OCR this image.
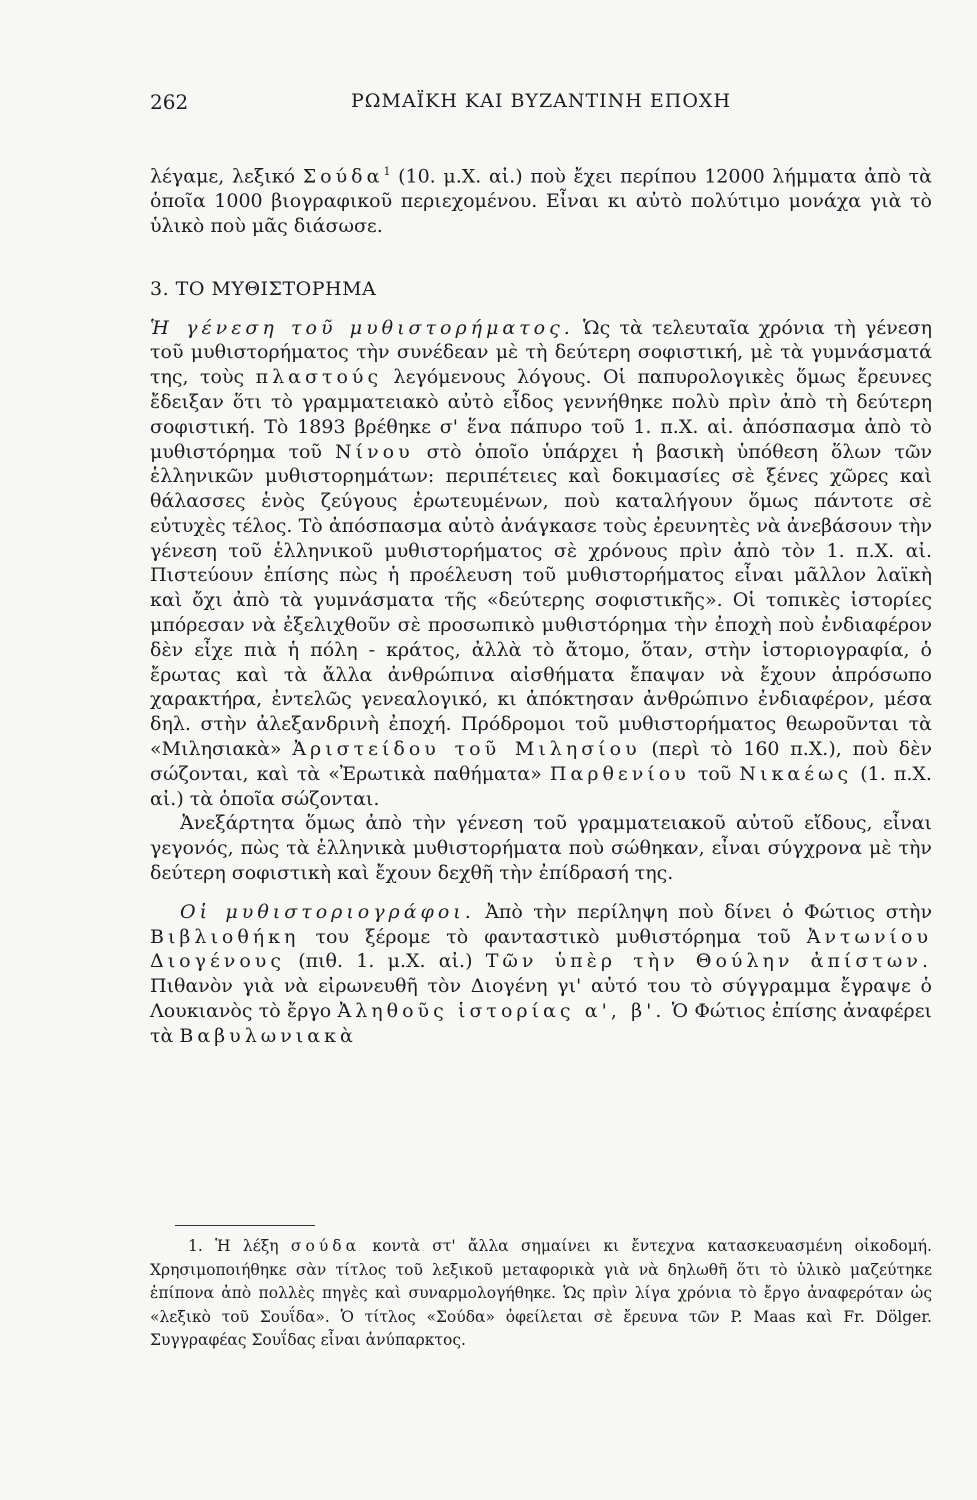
262	ΡΩΜΑΪΚΗ ΚΑΙ ΒΥΖΑΝΤΙΝΗ ΕΠΟΧΗ

λέγαμε, λεξικό Σούδα$^1$ (10. μ.Χ. αἰ.) ποὺ ἔχει περίπου 12000 λήμματα ἀπὸ τὰ ὁποῖα 1000 βιογραφικοῦ περιεχομένου. Εἶναι κι αὐτὸ πολύτιμο μονάχα γιὰ τὸ ὑλικὸ ποὺ μᾶς διάσωσε.

3. ΤΟ ΜΥΘΙΣΤΟΡΗΜΑ

Ἡ γένεση τοῦ μυθιστορήματος. Ὡς τὰ τελευταῖα χρόνια τὴ γένεση τοῦ μυθιστορήματος τὴν συνέδεαν μὲ τὴ δεύτερη σοφιστική, μὲ τὰ γυμνάσματά της, τοὺς πλαστούς λεγόμενους λόγους. Οἱ παπυρολογικὲς ὅμως ἔρευνες ἔδειξαν ὅτι τὸ γραμματειακὸ αὐτὸ εἶδος γεννήθηκε πολὺ πρὶν ἀπὸ τὴ δεύτερη σοφιστική. Τὸ 1893 βρέθηκε σ' ἕνα πάπυρο τοῦ 1. π.Χ. αἰ. ἀπόσπασμα ἀπὸ τὸ μυθιστόρημα τοῦ Νίνου στὸ ὁποῖο ὑπάρχει ἡ βασικὴ ὑπόθεση ὅλων τῶν ἑλληνικῶν μυθιστορημάτων: περιπέτειες καὶ δοκιμασίες σὲ ξένες χῶρες καὶ θάλασσες ἑνὸς ζεύγους ἐρωτευμένων, ποὺ καταλήγουν ὅμως πάντοτε σὲ εὐτυχὲς τέλος. Τὸ ἀπόσπασμα αὐτὸ ἀνάγκασε τοὺς ἐρευνητὲς νὰ ἀνεβάσουν τὴν γένεση τοῦ ἑλληνικοῦ μυθιστορήματος σὲ χρόνους πρὶν ἀπὸ τὸν 1. π.Χ. αἰ. Πιστεύουν ἐπίσης πὼς ἡ προέλευση τοῦ μυθιστορήματος εἶναι μᾶλλον λαϊκὴ καὶ ὄχι ἀπὸ τὰ γυμνάσματα τῆς «δεύτερης σοφιστικῆς». Οἱ τοπικὲς ἱστορίες μπόρεσαν νὰ ἐξελιχθοῦν σὲ προσωπικὸ μυθιστόρημα τὴν ἐποχὴ ποὺ ἐνδιαφέρον δὲν εἶχε πιὰ ἡ πόλη - κράτος, ἀλλὰ τὸ ἄτομο, ὅταν, στὴν ἱστοριογραφία, ὁ ἔρωτας καὶ τὰ ἄλλα ἀνθρώπινα αἰσθήματα ἔπαψαν νὰ ἔχουν ἀπρόσωπο χαρακτήρα, ἐντελῶς γενεαλογικό, κι ἀπόκτησαν ἀνθρώπινο ἐνδιαφέρον, μέσα δηλ. στὴν ἀλεξανδρινὴ ἐποχή. Πρόδρομοι τοῦ μυθιστορήματος θεωροῦνται τὰ «Μιλησιακὰ» Ἀριστείδου τοῦ Μιλησίου (περὶ τὸ 160 π.Χ.), ποὺ δὲν σώζονται, καὶ τὰ «Ἐρωτικὰ παθήματα» Παρθενίου τοῦ Νικαέως (1. π.Χ. αἰ.) τὰ ὁποῖα σώζονται.

Ἀνεξάρτητα ὅμως ἀπὸ τὴν γένεση τοῦ γραμματειακοῦ αὐτοῦ εἴδους, εἶναι γεγονός, πὼς τὰ ἑλληνικὰ μυθιστορήματα ποὺ σώθηκαν, εἶναι σύγχρονα μὲ τὴν δεύτερη σοφιστικὴ καὶ ἔχουν δεχθῆ τὴν ἐπίδρασή της.

Οἱ μυθιστοριογράφοι. Ἀπὸ τὴν περίληψη ποὺ δίνει ὁ Φώτιος στὴν Βιβλιοθήκη του ξέρομε τὸ φανταστικὸ μυθιστόρημα τοῦ Ἀντωνίου Διογένους (πιθ. 1. μ.Χ. αἰ.) Τῶν ὑπὲρ τὴν Θούλην ἀπίστων. Πιθανὸν γιὰ νὰ εἰρωνευθῆ τὸν Διογένη γι' αὐτό του τὸ σύγγραμμα ἔγραψε ὁ Λουκιανὸς τὸ ἔργο Ἀληθοῦς ἱστορίας α', β'. Ὁ Φώτιος ἐπίσης ἀναφέρει τὰ Βαβυλωνιακὰ

1. Ἡ λέξη σούδα κοντὰ στ' ἄλλα σημαίνει κι ἔντεχνα κατασκευασμένη οἰκοδομή. Χρησιμοποιήθηκε σὰν τίτλος τοῦ λεξικοῦ μεταφορικὰ γιὰ νὰ δηλωθῆ ὅτι τὸ ὑλικὸ μαζεύτηκε ἐπίπονα ἀπὸ πολλὲς πηγὲς καὶ συναρμολογήθηκε. Ὡς πρὶν λίγα χρόνια τὸ ἔργο ἀναφερόταν ὡς «λεξικὸ τοῦ Σουΐδα». Ὁ τίτλος «Σούδα» ὀφείλεται σὲ ἔρευνα τῶν P. Maas καὶ Fr. Dölger. Συγγραφέας Σουΐδας εἶναι ἀνύπαρκτος.
